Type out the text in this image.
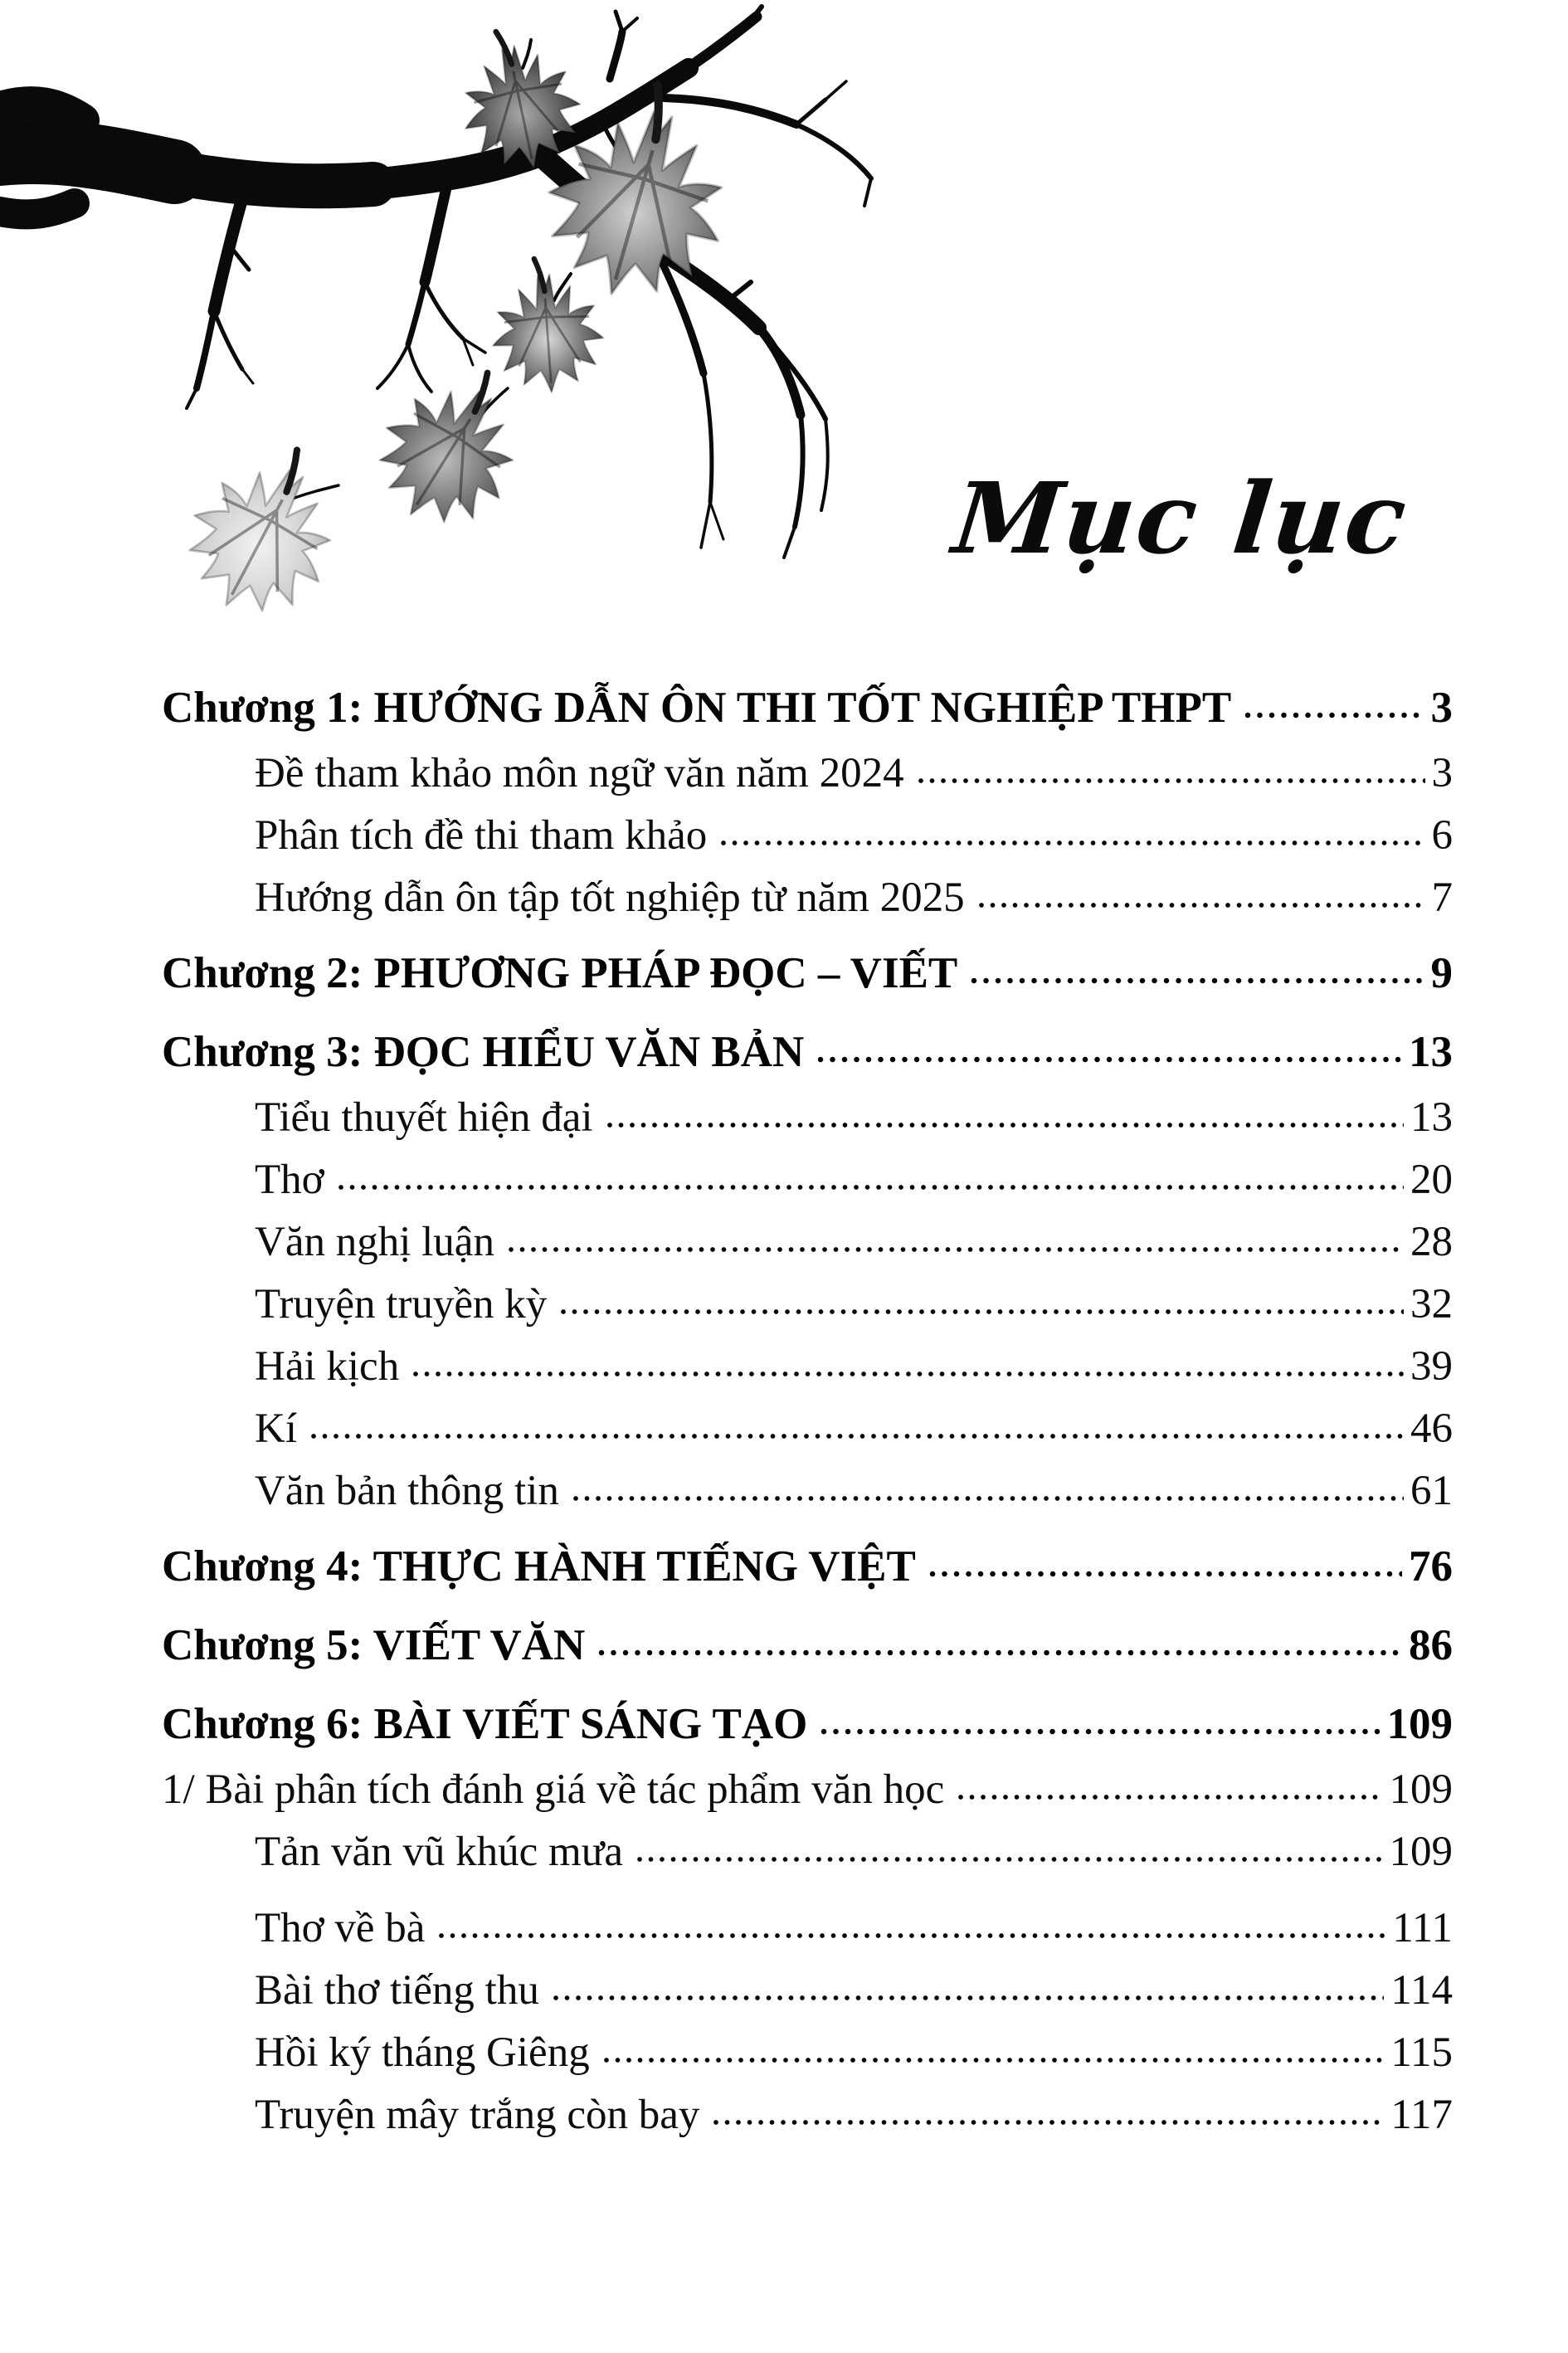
Mục lục
Chương 1: HƯỚNG DẪN ÔN THI TỐT NGHIỆP THPT	3
Đề tham khảo môn ngữ văn năm 2024	3
Phân tích đề thi tham khảo	6
Hướng dẫn ôn tập tốt nghiệp từ năm 2025	7
Chương 2: PHƯƠNG PHÁP ĐỌC – VIẾT	9
Chương 3: ĐỌC HIỂU VĂN BẢN	13
Tiểu thuyết hiện đại	13
Thơ	20
Văn nghị luận	28
Truyện truyền kỳ	32
Hải kịch	39
Kí	46
Văn bản thông tin	61
Chương 4: THỰC HÀNH TIẾNG VIỆT	76
Chương 5: VIẾT VĂN	86
Chương 6: BÀI VIẾT SÁNG TẠO	109
1/ Bài phân tích đánh giá về tác phẩm văn học	109
Tản văn vũ khúc mưa	109
Thơ về bà	111
Bài thơ tiếng thu	114
Hồi ký tháng Giêng	115
Truyện mây trắng còn bay	117
